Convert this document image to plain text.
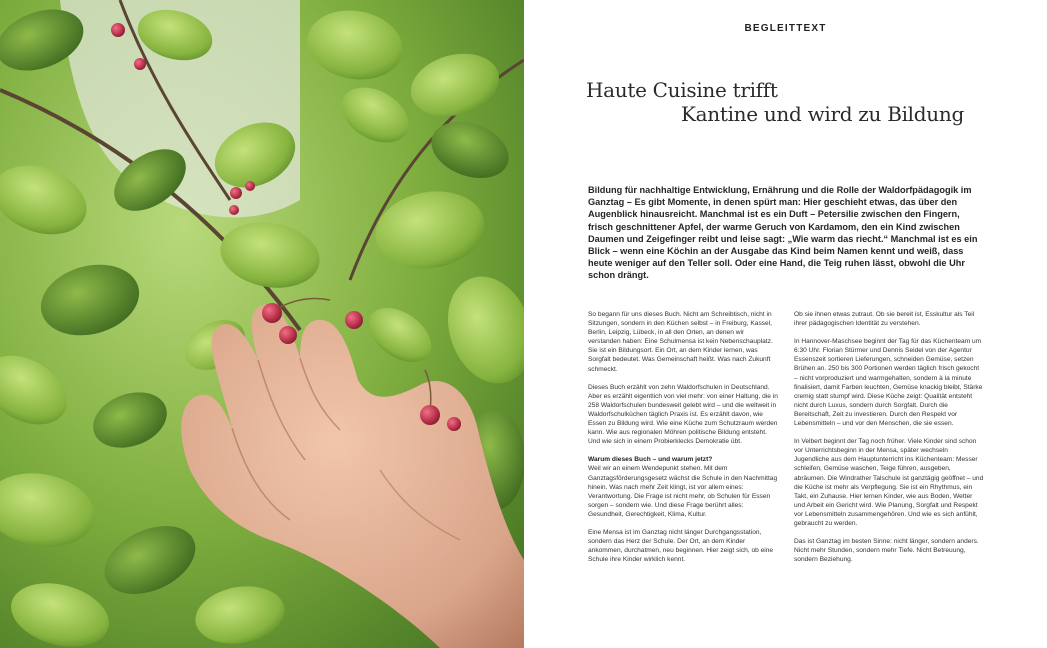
BEGLEITTEXT
Haute Cuisine trifft
Kantine und wird zu Bildung

Bildung für nachhaltige Entwicklung, Ernährung und die Rolle der Waldorfpädagogik im Ganztag – Es gibt Momente, in denen spürt man: Hier geschieht etwas, das über den Augenblick hinausreicht. Manchmal ist es ein Duft – Petersilie zwischen den Fingern, frisch geschnittener Apfel, der warme Geruch von Kardamom, den ein Kind zwischen Daumen und Zeigefinger reibt und leise sagt: „Wie warm das riecht.“ Manchmal ist es ein Blick – wenn eine Köchin an der Ausgabe das Kind beim Namen kennt und weiß, dass heute weniger auf den Teller soll. Oder eine Hand, die Teig ruhen lässt, obwohl die Uhr schon drängt.

So begann für uns dieses Buch. Nicht am Schreibtisch, nicht in Sitzungen, sondern in den Küchen selbst – in Freiburg, Kassel, Berlin, Leipzig, Lübeck, in all den Orten, an denen wir verstanden haben: Eine Schulmensa ist kein Nebenschauplatz. Sie ist ein Bildungsort. Ein Ort, an dem Kinder lernen, was Sorgfalt bedeutet. Was Gemeinschaft heißt. Was nach Zukunft schmeckt.

Dieses Buch erzählt von zehn Waldorfschulen in Deutschland. Aber es erzählt eigentlich von viel mehr: von einer Haltung, die in 258 Waldorfschulen bundesweit gelebt wird – und die weltweit in Waldorfschulküchen täglich Praxis ist. Es erzählt davon, wie Essen zu Bildung wird. Wie eine Küche zum Schutzraum werden kann. Wie aus regionalen Möhren politische Bildung entsteht. Und wie sich in einem Probierklecks Demokratie übt.

Warum dieses Buch – und warum jetzt?
Weil wir an einem Wendepunkt stehen. Mit dem Ganztagsförderungsgesetz wächst die Schule in den Nachmittag hinein. Was nach mehr Zeit klingt, ist vor allem eines: Verantwortung. Die Frage ist nicht mehr, ob Schulen für Essen sorgen – sondern wie. Und diese Frage berührt alles: Gesundheit, Gerechtigkeit, Klima, Kultur.

Eine Mensa ist im Ganztag nicht länger Durchgangsstation, sondern das Herz der Schule. Der Ort, an dem Kinder ankommen, durchatmen, neu beginnen. Hier zeigt sich, ob eine Schule ihre Kinder wirklich kennt.

Ob sie ihnen etwas zutraut. Ob sie bereit ist, Esskultur als Teil ihrer pädagogischen Identität zu verstehen.

In Hannover-Maschsee beginnt der Tag für das Küchenteam um 6:30 Uhr. Florian Stürmer und Dennis Seidel von der Agentur Essenszeit sortieren Lieferungen, schneiden Gemüse, setzen Brühen an. 250 bis 300 Portionen werden täglich frisch gekocht – nicht vorproduziert und warmgehalten, sondern à la minute finalisiert, damit Farben leuchten, Gemüse knackig bleibt, Stärke cremig statt stumpf wird. Diese Küche zeigt: Qualität entsteht nicht durch Luxus, sondern durch Sorgfalt. Durch die Bereitschaft, Zeit zu investieren. Durch den Respekt vor Lebensmitteln – und vor den Menschen, die sie essen.

In Velbert beginnt der Tag noch früher. Viele Kinder sind schon vor Unterrichtsbeginn in der Mensa, später wechseln Jugendliche aus dem Hauptunterricht ins Küchenteam: Messer schleifen, Gemüse waschen, Teige führen, ausgeben, abräumen. Die Windrather Talschule ist ganztägig geöffnet – und die Küche ist mehr als Verpflegung. Sie ist ein Rhythmus, ein Takt, ein Zuhause. Hier lernen Kinder, wie aus Boden, Wetter und Arbeit ein Gericht wird. Wie Planung, Sorgfalt und Respekt vor Lebensmitteln zusammengehören. Und wie es sich anfühlt, gebraucht zu werden.

Das ist Ganztag im besten Sinne: nicht länger, sondern anders. Nicht mehr Stunden, sondern mehr Tiefe. Nicht Betreuung, sondern Beziehung.
